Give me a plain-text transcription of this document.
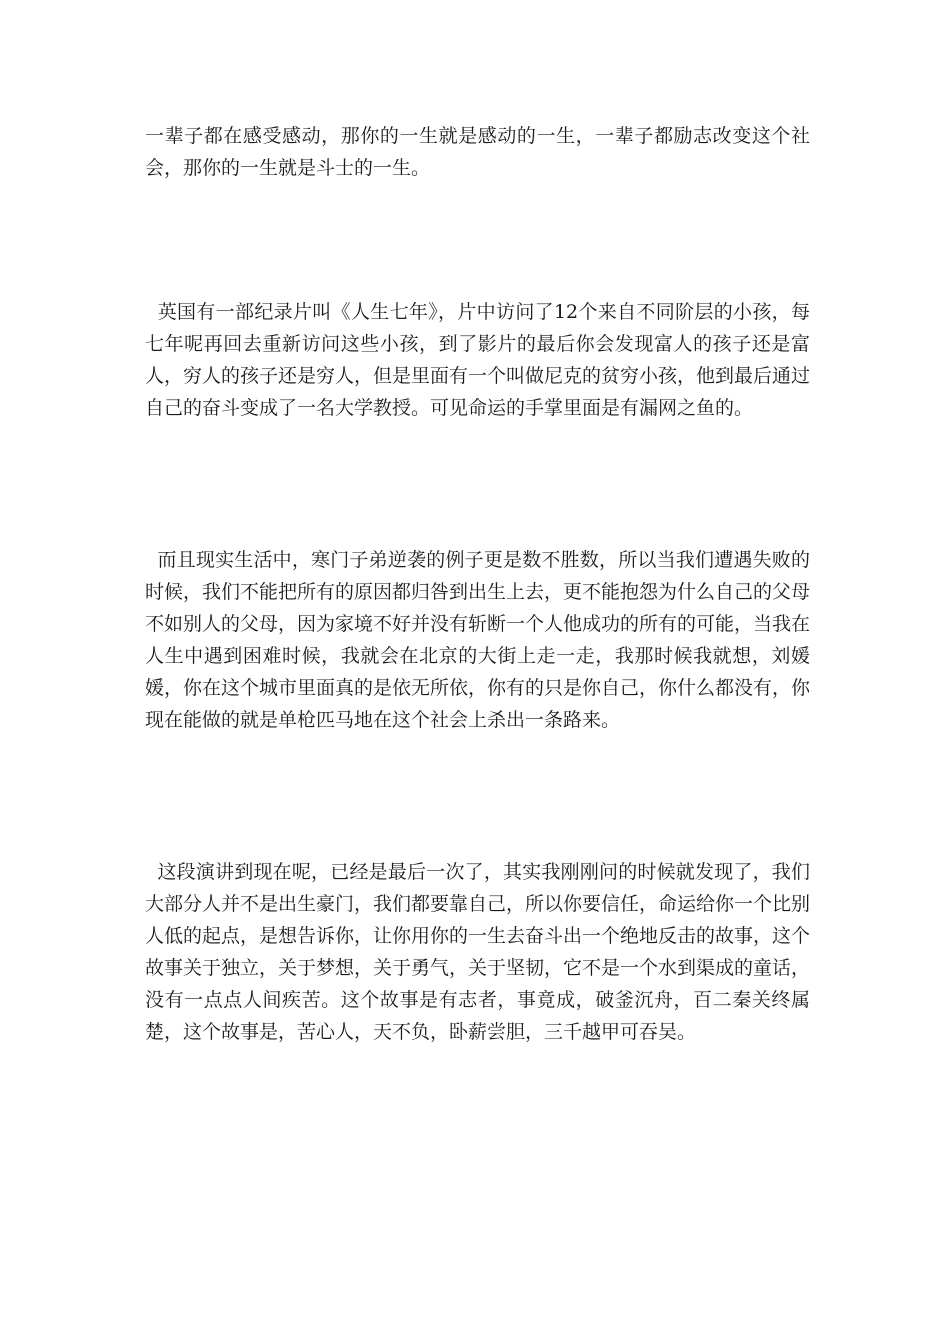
一辈子都在感受感动，那你的一生就是感动的一生，一辈子都励志改变这个社会，那你的一生就是斗士的一生。

英国有一部纪录片叫《人生七年》，片中访问了12个来自不同阶层的小孩，每七年呢再回去重新访问这些小孩，到了影片的最后你会发现富人的孩子还是富人，穷人的孩子还是穷人，但是里面有一个叫做尼克的贫穷小孩，他到最后通过自己的奋斗变成了一名大学教授。可见命运的手掌里面是有漏网之鱼的。

而且现实生活中，寒门子弟逆袭的例子更是数不胜数，所以当我们遭遇失败的时候，我们不能把所有的原因都归咎到出生上去，更不能抱怨为什么自己的父母不如别人的父母，因为家境不好并没有斩断一个人他成功的所有的可能，当我在人生中遇到困难时候，我就会在北京的大街上走一走，我那时候我就想，刘媛媛，你在这个城市里面真的是依无所依，你有的只是你自己，你什么都没有，你现在能做的就是单枪匹马地在这个社会上杀出一条路来。

这段演讲到现在呢，已经是最后一次了，其实我刚刚问的时候就发现了，我们大部分人并不是出生豪门，我们都要靠自己，所以你要信任，命运给你一个比别人低的起点，是想告诉你，让你用你的一生去奋斗出一个绝地反击的故事，这个故事关于独立，关于梦想，关于勇气，关于坚韧，它不是一个水到渠成的童话，没有一点点人间疾苦。这个故事是有志者，事竟成，破釜沉舟，百二秦关终属楚，这个故事是，苦心人，天不负，卧薪尝胆，三千越甲可吞吴。
